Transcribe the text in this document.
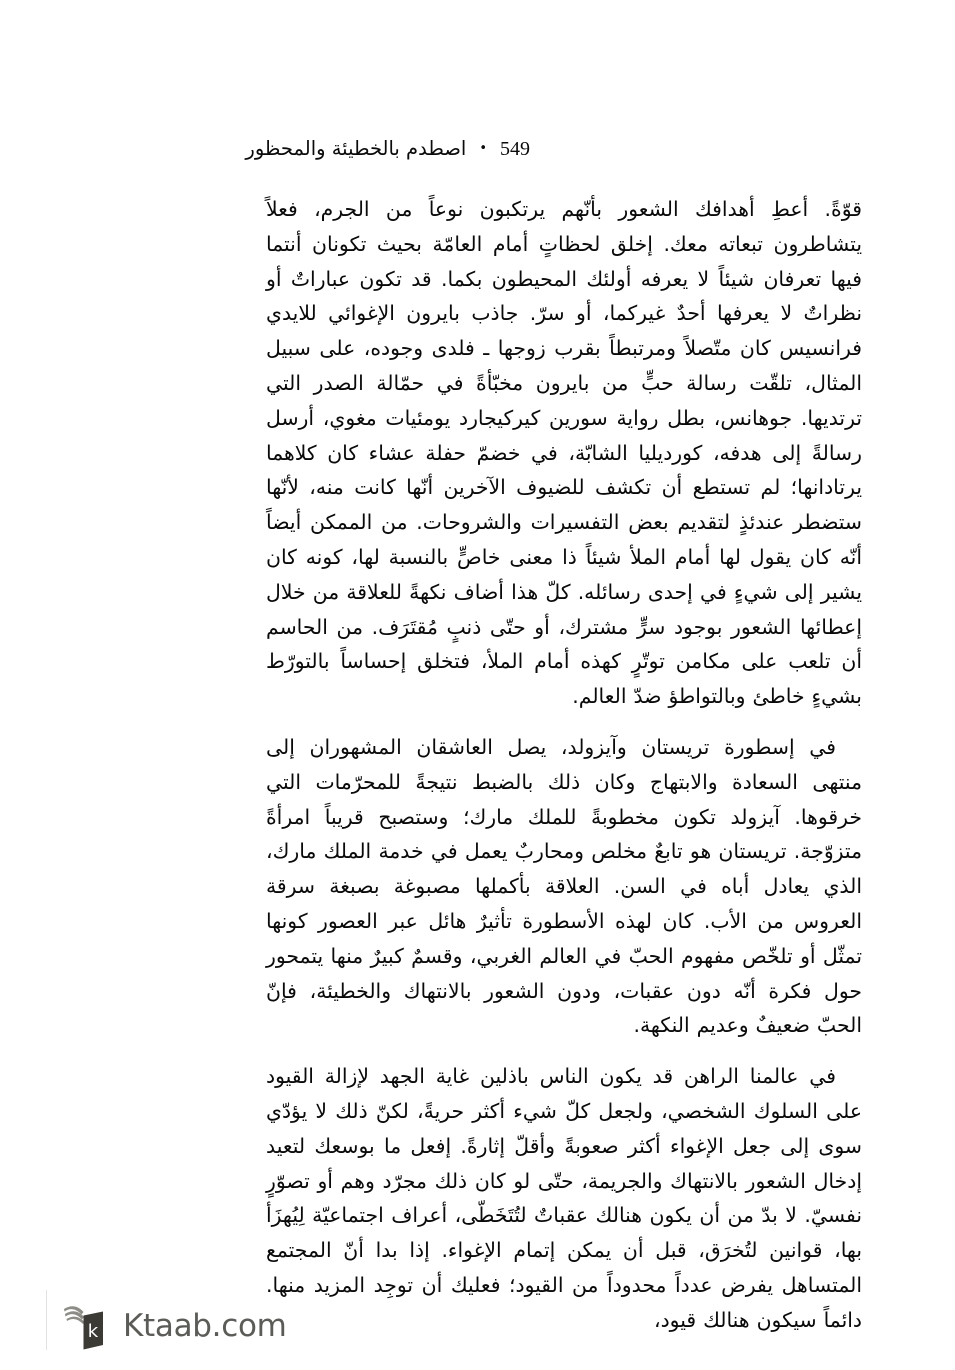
اصطدم بالخطيئة والمحظور • 549

قوّةً. أعطِ أهدافك الشعور بأنّهم يرتكبون نوعاً من الجرم، فعلاً يتشاطرون تبعاته معك. إخلق لحظاتٍ أمام العامّة بحيث تكونان أنتما فيها تعرفان شيئاً لا يعرفه أولئك المحيطون بكما. قد تكون عباراتٌ أو نظراتٌ لا يعرفها أحدٌ غيركما، أو سرّ. جاذب بايرون الإغوائي للايدي فرانسيس كان متّصلاً ومرتبطاً بقرب زوجها ـ فلدى وجوده، على سبيل المثال، تلقّت رسالة حبٍّ من بايرون مخبّأةً في حمّالة الصدر التي ترتديها. جوهانس، بطل رواية سورين كيركيجارد يومئيات مغوي، أرسل رسالةً إلى هدفه، كورديليا الشابّة، في خضمّ حفلة عشاء كان كلاهما يرتادانها؛ لم تستطع أن تكشف للضيوف الآخرين أنّها كانت منه، لأنّها ستضطر عندئذٍ لتقديم بعض التفسيرات والشروحات. من الممكن أيضاً أنّه كان يقول لها أمام الملأ شيئاً ذا معنى خاصٍّ بالنسبة لها، كونه كان يشير إلى شيءٍ في إحدى رسائله. كلّ هذا أضاف نكهةً للعلاقة من خلال إعطائها الشعور بوجود سرٍّ مشترك، أو حتّى ذنبٍ مُقتَرَف. من الحاسم أن تلعب على مكامن توتّرٍ كهذه أمام الملأ، فتخلق إحساساً بالتورّط بشيءٍ خاطئ وبالتواطؤ ضدّ العالم.

في إسطورة تريستان وآيزولد، يصل العاشقان المشهوران إلى منتهى السعادة والابتهاج وكان ذلك بالضبط نتيجةً للمحرّمات التي خرقوها. آيزولد تكون مخطوبةً للملك مارك؛ وستصبح قريباً امرأةً متزوّجة. تريستان هو تابعٌ مخلص ومحاربٌ يعمل في خدمة الملك مارك، الذي يعادل أباه في السن. العلاقة بأكملها مصبوغة بصبغة سرقة العروس من الأب. كان لهذه الأسطورة تأثيرٌ هائل عبر العصور كونها تمثّل أو تلخّص مفهوم الحبّ في العالم الغربي، وقسمٌ كبيرٌ منها يتمحور حول فكرة أنّه دون عقبات، ودون الشعور بالانتهاك والخطيئة، فإنّ الحبّ ضعيفٌ وعديم النكهة.

في عالمنا الراهن قد يكون الناس باذلين غاية الجهد لإزالة القيود على السلوك الشخصي، ولجعل كلّ شيء أكثر حريةً، لكنّ ذلك لا يؤدّي سوى إلى جعل الإغواء أكثر صعوبةً وأقلّ إثارةً. إفعل ما بوسعك لتعيد إدخال الشعور بالانتهاك والجريمة، حتّى لو كان ذلك مجرّد وهم أو تصوّرٍ نفسيّ. لا بدّ من أن يكون هنالك عقباتٌ لتُتَخَطّى، أعراف اجتماعيّة لِيُهزَأ بها، قوانين لتُخرَق، قبل أن يمكن إتمام الإغواء. إذا بدا أنّ المجتمع المتساهل يفرض عدداً محدوداً من القيود؛ فعليك أن توجِد المزيد منها. دائماً سيكون هنالك قيود،

k Ktaab.com
